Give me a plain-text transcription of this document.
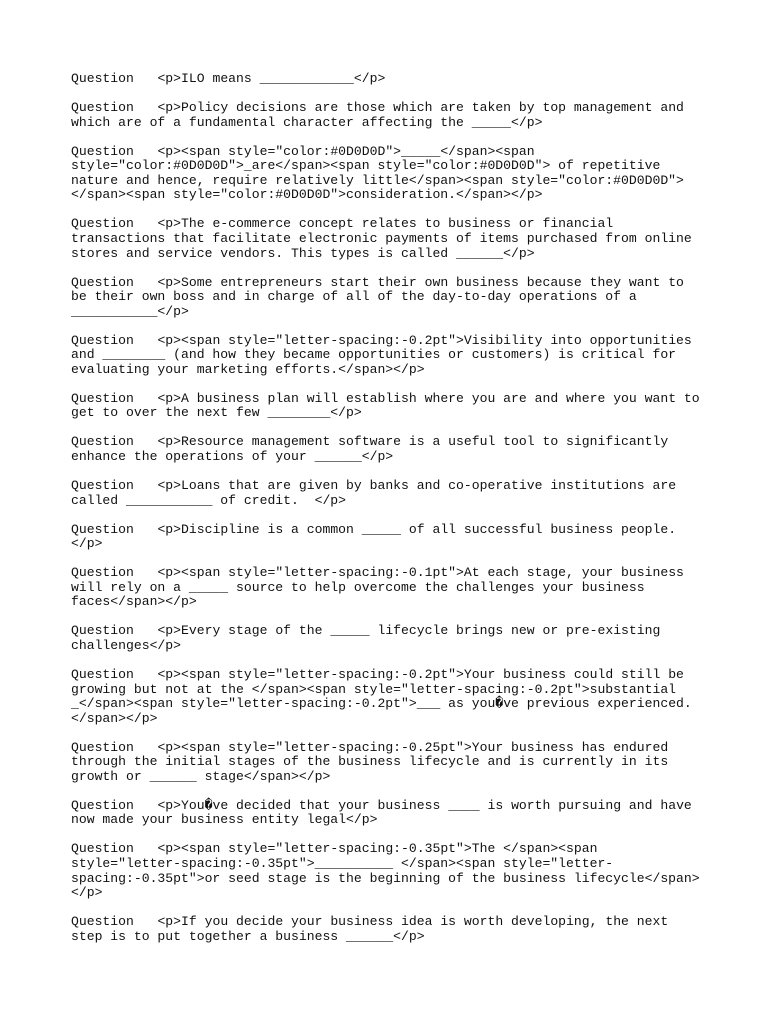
Question <p>ILO means ____________</p>
Question <p>Policy decisions are those which are taken by top management and which are of a fundamental character affecting the _____</p>
Question <p><span style="color:#0D0D0D">_____</span><span style="color:#0D0D0D">_are</span><span style="color:#0D0D0D"> of repetitive nature and hence, require relatively little</span><span style="color:#0D0D0D"> </span><span style="color:#0D0D0D">consideration.</span></p>
Question <p>The e-commerce concept relates to business or financial transactions that facilitate electronic payments of items purchased from online stores and service vendors. This types is called ______</p>
Question <p>Some entrepreneurs start their own business because they want to be their own boss and in charge of all of the day-to-day operations of a ___________</p>
Question <p><span style="letter-spacing:-0.2pt">Visibility into opportunities and ________ (and how they became opportunities or customers) is critical for evaluating your marketing efforts.</span></p>
Question <p>A business plan will establish where you are and where you want to get to over the next few ________</p>
Question <p>Resource management software is a useful tool to significantly enhance the operations of your ______</p>
Question <p>Loans that are given by banks and co-operative institutions are called ___________ of credit.  </p>
Question <p>Discipline is a common _____ of all successful business people.</p>
Question <p><span style="letter-spacing:-0.1pt">At each stage, your business will rely on a _____ source to help overcome the challenges your business faces</span></p>
Question <p>Every stage of the _____ lifecycle brings new or pre-existing challenges</p>
Question <p><span style="letter-spacing:-0.2pt">Your business could still be growing but not at the </span><span style="letter-spacing:-0.2pt">substantial _</span><span style="letter-spacing:-0.2pt">___ as you�ve previous experienced.</span></p>
Question <p><span style="letter-spacing:-0.25pt">Your business has endured through the initial stages of the business lifecycle and is currently in its growth or ______ stage</span></p>
Question <p>You�ve decided that your business ____ is worth pursuing and have now made your business entity legal</p>
Question <p><span style="letter-spacing:-0.35pt">The </span><span style="letter-spacing:-0.35pt">__________ </span><span style="letter-spacing:-0.35pt">or seed stage is the beginning of the business lifecycle</span></p>
Question <p>If you decide your business idea is worth developing, the next step is to put together a business ______</p>
